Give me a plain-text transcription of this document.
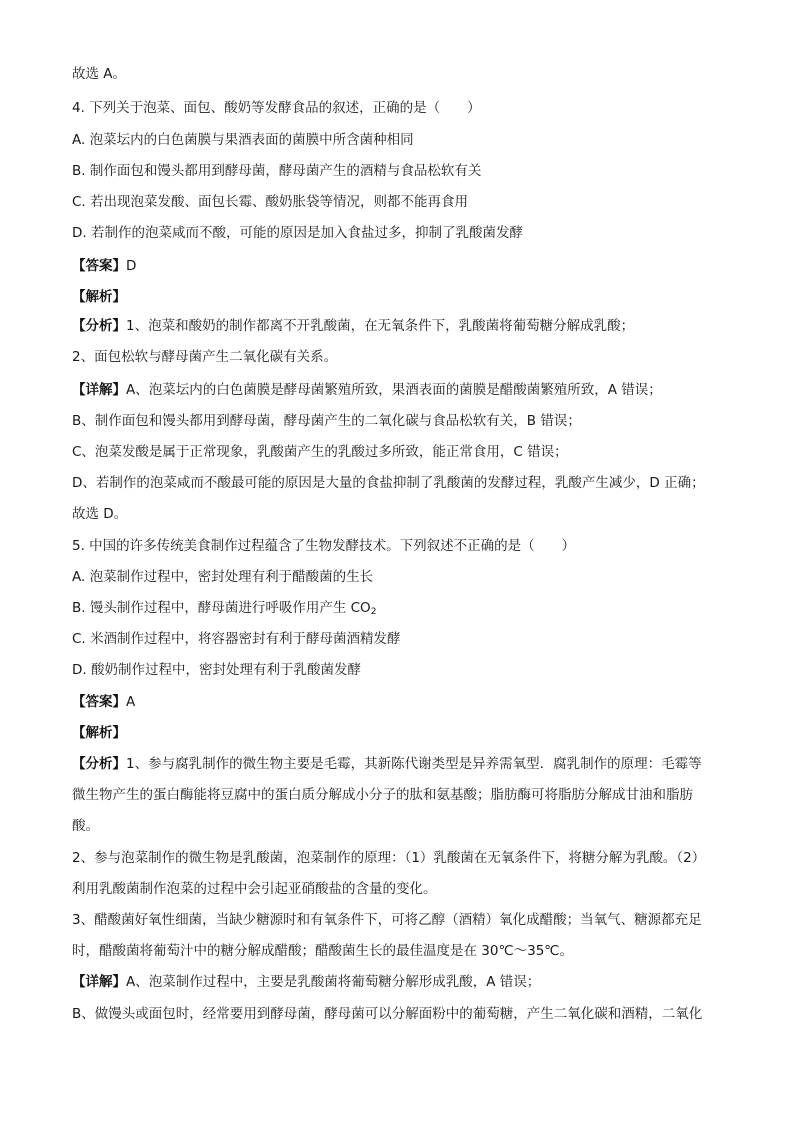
故选 A。
4. 下列关于泡菜、面包、酸奶等发酵食品的叙述，正确的是（　　）
A. 泡菜坛内的白色菌膜与果酒表面的菌膜中所含菌种相同
B. 制作面包和馒头都用到酵母菌，酵母菌产生的酒精与食品松软有关
C. 若出现泡菜发酸、面包长霉、酸奶胀袋等情况，则都不能再食用
D. 若制作的泡菜咸而不酸，可能的原因是加入食盐过多，抑制了乳酸菌发酵
【答案】D
【解析】
【分析】1、泡菜和酸奶的制作都离不开乳酸菌，在无氧条件下，乳酸菌将葡萄糖分解成乳酸；
2、面包松软与酵母菌产生二氧化碳有关系。
【详解】A、泡菜坛内的白色菌膜是酵母菌繁殖所致，果酒表面的菌膜是醋酸菌繁殖所致，A 错误；
B、制作面包和馒头都用到酵母菌，酵母菌产生的二氧化碳与食品松软有关，B 错误；
C、泡菜发酸是属于正常现象，乳酸菌产生的乳酸过多所致，能正常食用，C 错误；
D、若制作的泡菜咸而不酸最可能的原因是大量的食盐抑制了乳酸菌的发酵过程，乳酸产生减少，D 正确；
故选 D。
5. 中国的许多传统美食制作过程蕴含了生物发酵技术。下列叙述不正确的是（　　）
A. 泡菜制作过程中，密封处理有利于醋酸菌的生长
B. 馒头制作过程中，酵母菌进行呼吸作用产生 $CO_2$
C. 米酒制作过程中，将容器密封有利于酵母菌酒精发酵
D. 酸奶制作过程中，密封处理有利于乳酸菌发酵
【答案】A
【解析】
【分析】1、参与腐乳制作的微生物主要是毛霉，其新陈代谢类型是异养需氧型．腐乳制作的原理：毛霉等
微生物产生的蛋白酶能将豆腐中的蛋白质分解成小分子的肽和氨基酸；脂肪酶可将脂肪分解成甘油和脂肪
酸。
2、参与泡菜制作的微生物是乳酸菌，泡菜制作的原理：（1）乳酸菌在无氧条件下，将糖分解为乳酸。（2）
利用乳酸菌制作泡菜的过程中会引起亚硝酸盐的含量的变化。
3、醋酸菌好氧性细菌，当缺少糖源时和有氧条件下，可将乙醇（酒精）氧化成醋酸；当氧气、糖源都充足
时，醋酸菌将葡萄汁中的糖分解成醋酸；醋酸菌生长的最佳温度是在 30℃～35℃。
【详解】A、泡菜制作过程中，主要是乳酸菌将葡萄糖分解形成乳酸，A 错误；
B、做馒头或面包时，经常要用到酵母菌，酵母菌可以分解面粉中的葡萄糖，产生二氧化碳和酒精，二氧化
